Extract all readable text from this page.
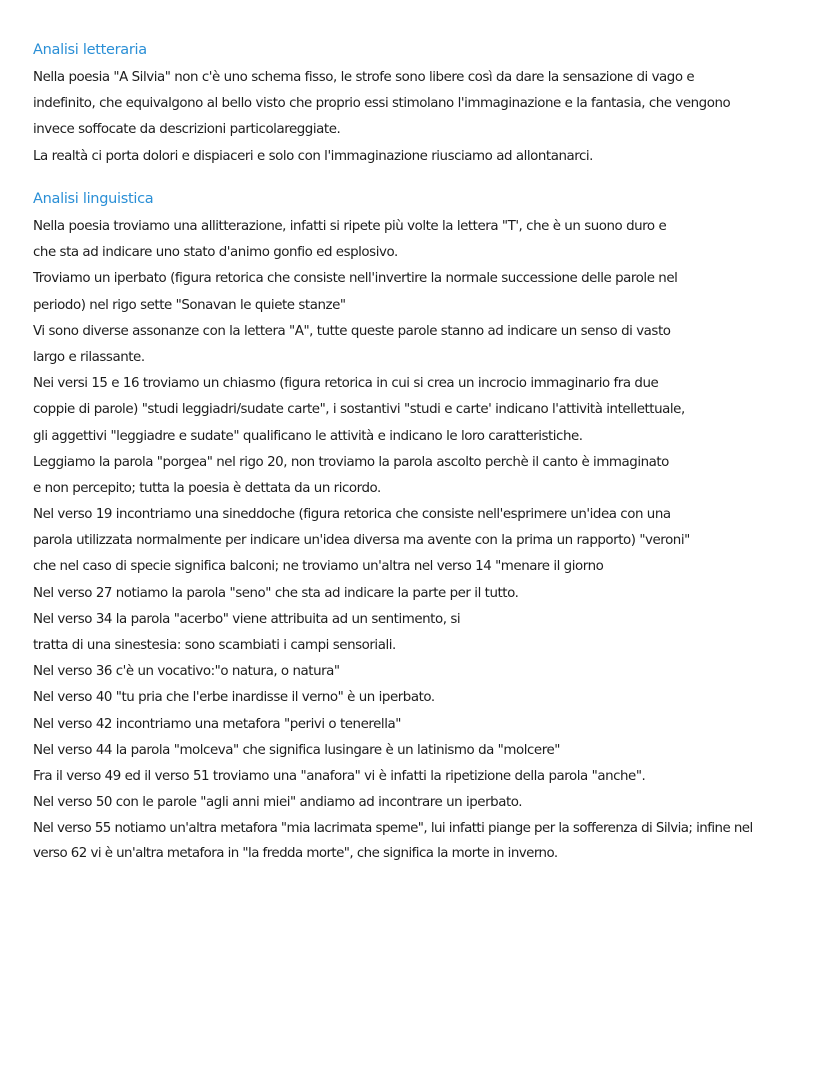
Analisi letteraria
Nella poesia "A Silvia" non c'è uno schema fisso, le strofe sono libere così da dare la sensazione di vago e
indefinito, che equivalgono al bello visto che proprio essi stimolano l'immaginazione e la fantasia, che vengono
invece soffocate da descrizioni particolareggiate.
La realtà ci porta dolori e dispiaceri e solo con l'immaginazione riusciamo ad allontanarci.
Analisi linguistica
Nella poesia troviamo una allitterazione, infatti si ripete più volte la lettera "T', che è un suono duro e
che sta ad indicare uno stato d'animo gonfio ed esplosivo.
Troviamo un iperbato (figura retorica che consiste nell'invertire la normale successione delle parole nel
periodo) nel rigo sette "Sonavan le quiete stanze"
Vi sono diverse assonanze con la lettera "A", tutte queste parole stanno ad indicare un senso di vasto
largo e rilassante.
Nei versi 15 e 16 troviamo un chiasmo (figura retorica in cui si crea un incrocio immaginario fra due
coppie di parole) "studi leggiadri/sudate carte", i sostantivi "studi e carte' indicano l'attività intellettuale,
gli aggettivi "leggiadre e sudate" qualificano le attività e indicano le loro caratteristiche.
Leggiamo la parola "porgea" nel rigo 20, non troviamo la parola ascolto perchè il canto è immaginato
e non percepito; tutta la poesia è dettata da un ricordo.
Nel verso 19 incontriamo una sineddoche (figura retorica che consiste nell'esprimere un'idea con una
parola utilizzata normalmente per indicare un'idea diversa ma avente con la prima un rapporto) "veroni"
che nel caso di specie significa balconi; ne troviamo un'altra nel verso 14 "menare il giorno
Nel verso 27 notiamo la parola "seno" che sta ad indicare la parte per il tutto.
Nel verso 34 la parola "acerbo" viene attribuita ad un sentimento, si
tratta di una sinestesia: sono scambiati i campi sensoriali.
Nel verso 36 c'è un vocativo:"o natura, o natura"
Nel verso 40 "tu pria che l'erbe inardisse il verno" è un iperbato.
Nel verso 42 incontriamo una metafora "perivi o tenerella"
Nel verso 44 la parola "molceva" che significa lusingare è un latinismo da "molcere"
Fra il verso 49 ed il verso 51 troviamo una "anafora" vi è infatti la ripetizione della parola "anche".
Nel verso 50 con le parole "agli anni miei" andiamo ad incontrare un iperbato.
Nel verso 55 notiamo un'altra metafora "mia lacrimata speme", lui infatti piange per la sofferenza di Silvia; infine nel
verso 62 vi è un'altra metafora in "la fredda morte", che significa la morte in inverno.
